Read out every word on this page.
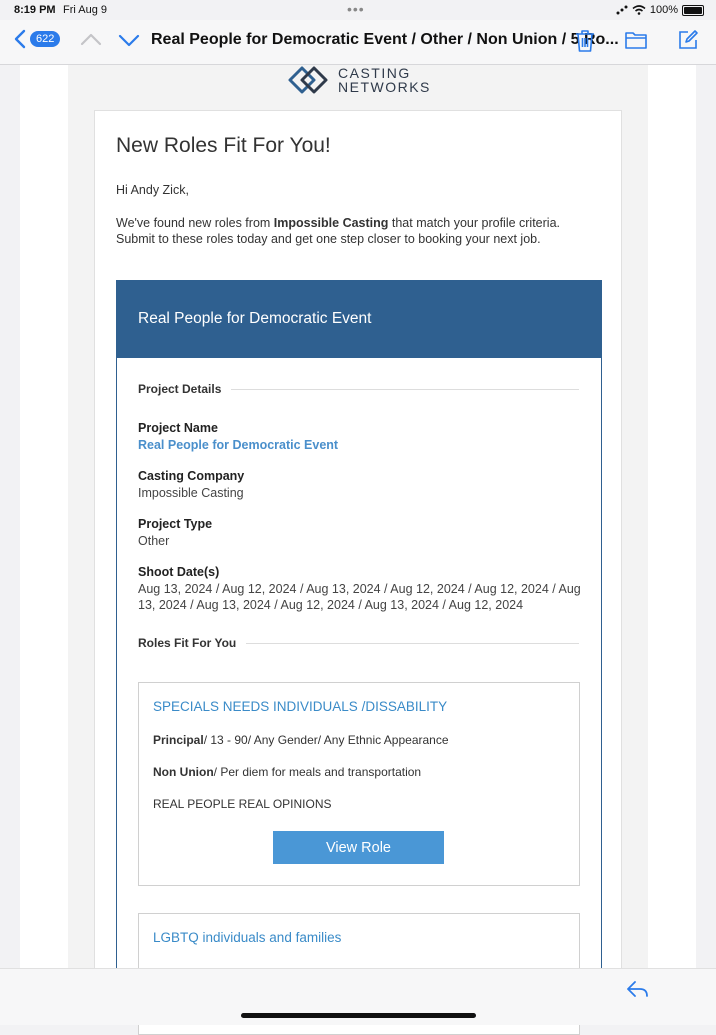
8:19 PM Fri Aug 9	•••	100%
622	Real People for Democratic Event / Other / Non Union / 5 Ro...
CASTING
NETWORKS
New Roles Fit For You!
Hi Andy Zick,
We've found new roles from Impossible Casting that match your profile criteria. Submit to these roles today and get one step closer to booking your next job.
Real People for Democratic Event
Project Details
Project Name
Real People for Democratic Event
Casting Company
Impossible Casting
Project Type
Other
Shoot Date(s)
Aug 13, 2024 / Aug 12, 2024 / Aug 13, 2024 / Aug 12, 2024 / Aug 12, 2024 / Aug 13, 2024 / Aug 13, 2024 / Aug 12, 2024 / Aug 13, 2024 / Aug 12, 2024
Roles Fit For You
SPECIALS NEEDS INDIVIDUALS /DISSABILITY
Principal/ 13 - 90/ Any Gender/ Any Ethnic Appearance
Non Union/ Per diem for meals and transportation
REAL PEOPLE REAL OPINIONS
View Role
LGBTQ individuals and families
